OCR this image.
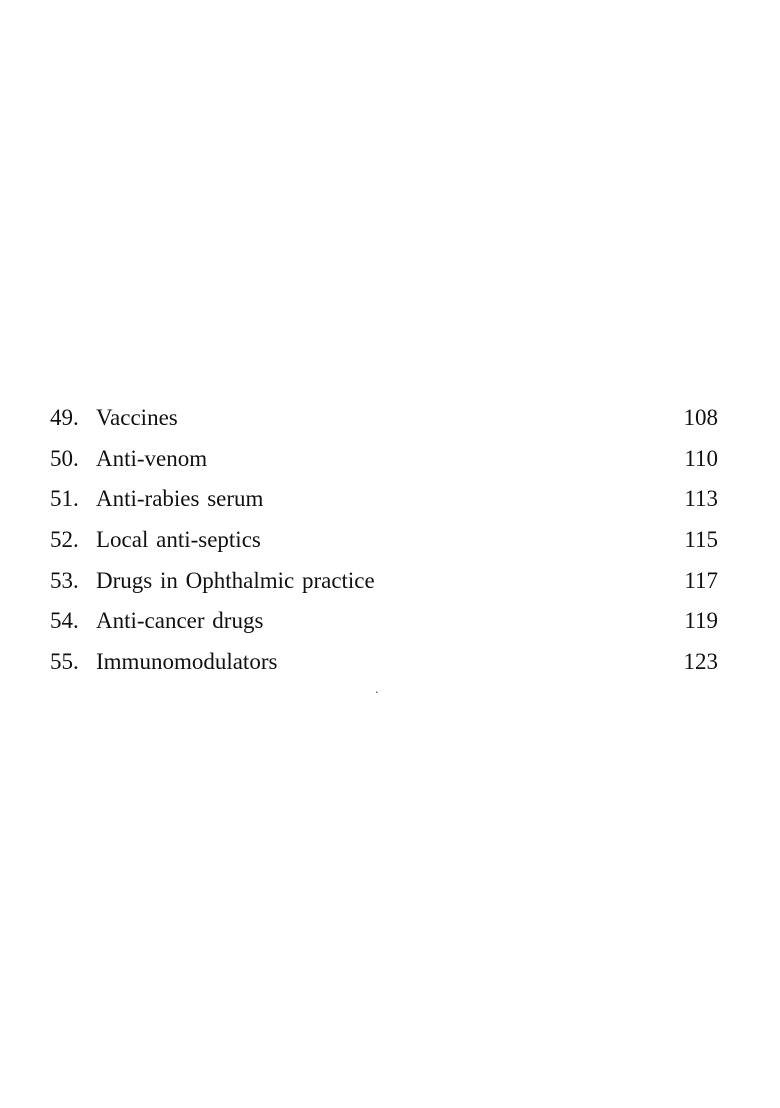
49. Vaccines	108
50. Anti-venom	110
51. Anti-rabies serum	113
52. Local anti-septics	115
53. Drugs in Ophthalmic practice	117
54. Anti-cancer drugs	119
55. Immunomodulators	123
.
